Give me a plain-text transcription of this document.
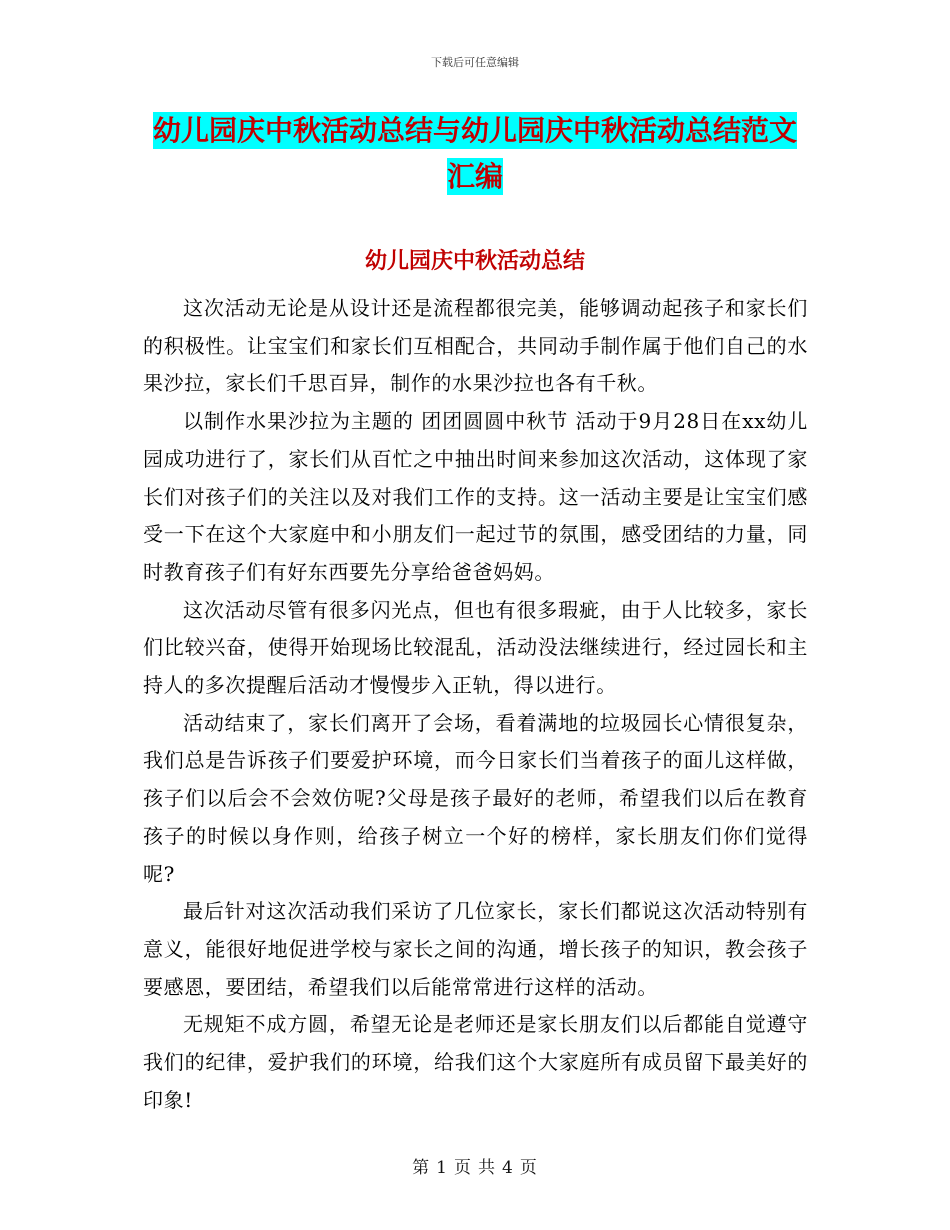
下载后可任意编辑
幼儿园庆中秋活动总结与幼儿园庆中秋活动总结范文
汇编
幼儿园庆中秋活动总结

这次活动无论是从设计还是流程都很完美，能够调动起孩子和家长们的积极性。让宝宝们和家长们互相配合，共同动手制作属于他们自己的水果沙拉，家长们千思百异，制作的水果沙拉也各有千秋。

以制作水果沙拉为主题的 团团圆圆中秋节 活动于9月28日在xx幼儿园成功进行了，家长们从百忙之中抽出时间来参加这次活动，这体现了家长们对孩子们的关注以及对我们工作的支持。这一活动主要是让宝宝们感受一下在这个大家庭中和小朋友们一起过节的氛围，感受团结的力量，同时教育孩子们有好东西要先分享给爸爸妈妈。

这次活动尽管有很多闪光点，但也有很多瑕疵，由于人比较多，家长们比较兴奋，使得开始现场比较混乱，活动没法继续进行，经过园长和主持人的多次提醒后活动才慢慢步入正轨，得以进行。

活动结束了，家长们离开了会场，看着满地的垃圾园长心情很复杂，我们总是告诉孩子们要爱护环境，而今日家长们当着孩子的面儿这样做，孩子们以后会不会效仿呢?父母是孩子最好的老师，希望我们以后在教育孩子的时候以身作则，给孩子树立一个好的榜样，家长朋友们你们觉得呢?

最后针对这次活动我们采访了几位家长，家长们都说这次活动特别有意义，能很好地促进学校与家长之间的沟通，增长孩子的知识，教会孩子要感恩，要团结，希望我们以后能常常进行这样的活动。

无规矩不成方圆，希望无论是老师还是家长朋友们以后都能自觉遵守我们的纪律，爱护我们的环境，给我们这个大家庭所有成员留下最美好的印象!

第 1 页 共 4 页
